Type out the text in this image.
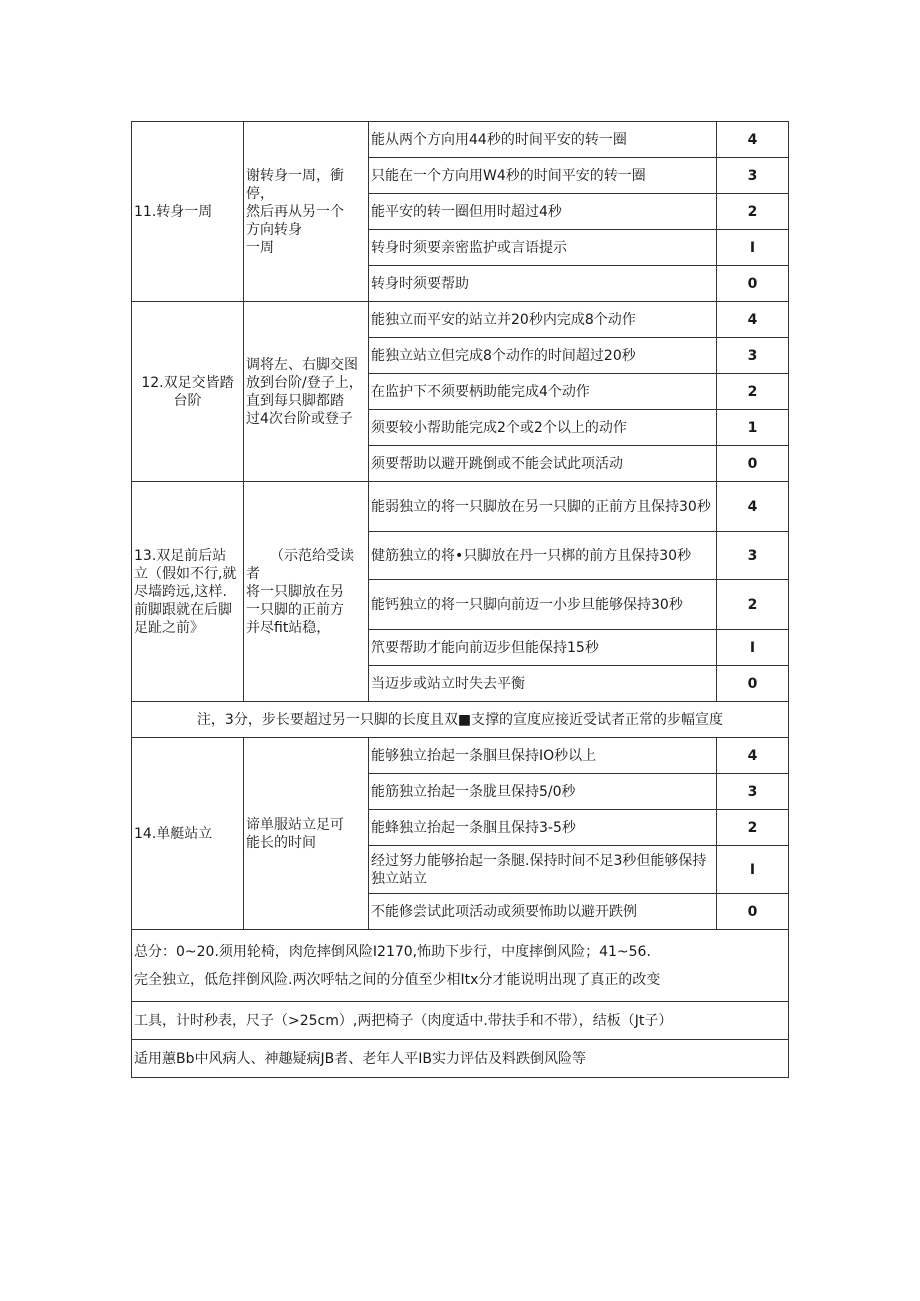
11.转身一周	谢转身一周，衝停，
然后再从另一个
方向转身
一周	能从两个方向用44秒的时间平安的转一圈	4
		只能在一个方向用W4秒的时间平安的转一圈	3
		能平安的转一圈但用时超过4秒	2
		转身时须要亲密监护或言语提示	I
		转身时须要帮助	0

12.双足交皆踏
台阶	调将左、右脚交图
放到台阶/登子上，
直到每只脚都踏
过4次台阶或登子	能独立而平安的站立并20秒内完成8个动作	4
		能独立站立但完成8个动作的时间超过20秒	3
		在监护下不须要柄助能完成4个动作	2
		须要较小帮助能完成2个或2个以上的动作	1
		须要帮助以避开跳倒或不能会试此项活动	0

13.双足前后站
立（假如不行,就
尽墙跨远,这样.
前脚跟就在后脚
足趾之前》	（示范给受读者
将一只脚放在另
一只脚的正前方
并尽fit站稳，	能弱独立的将一只脚放在另一只脚的正前方且保持30秒	4
		健筋独立的将•只脚放在丹一只梆的前方且保持30秒	3
		能钙独立的将一只脚向前迈一小步旦能够保持30秒	2
		笊要帮助才能向前迈步但能保持15秒	I
		当迈步或站立时失去平衡	0
注，3分，步长要超过另一只脚的长度且双■支撑的宣度应接近受试者正常的步幅宣度			

14.单艇站立	谛单服站立足可
能长的时间	能够独立抬起一条腘旦保持IO秒以上	4
		能筋独立抬起一条胧旦保持5/0秒	3
		能蜂独立抬起一条腘且保持3-5秒	2
		经过努力能够抬起一条腿.保持时间不足3秒但能够保持独立站立	I
		不能修尝试此项活动或须要怖助以避开跌例	0

总分：0~20.须用轮椅，肉危摔倒风险I2170,怖助下步行，中度摔倒风险；41~56.
完全独立，低危拌倒风险.两次呼牯之间的分值至少相Itx分才能说明出现了真正的改变			

工具，计时秒表，尺子（>25cm）,两把椅子（肉度适中.带扶手和不带），结板（Jt子）			
适用蕙Bb中风病人、神趣疑病JB者、老年人平IB实力评估及料跌倒风险等			
